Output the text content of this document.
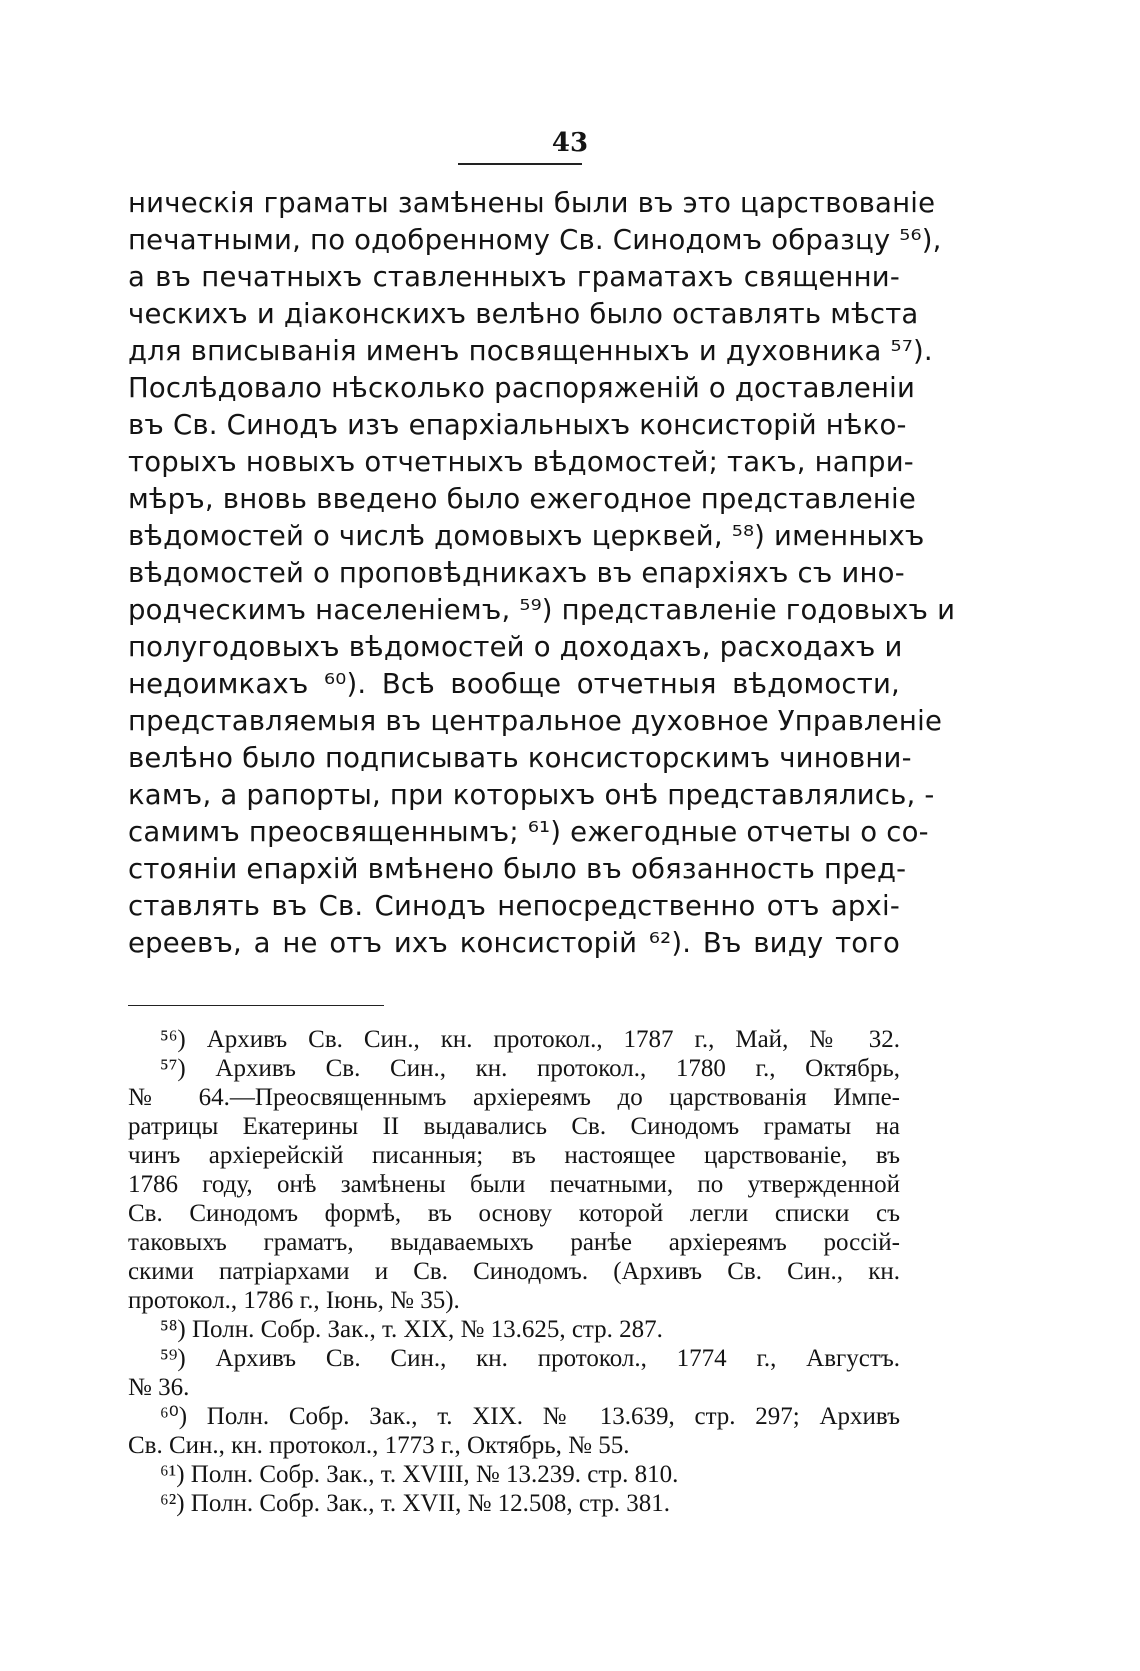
43
ническія граматы замѣнены были въ это царствованіе
печатными, по одобренному Св. Синодомъ образцу ⁵⁶),
а въ печатныхъ ставленныхъ граматахъ священни-
ческихъ и діаконскихъ велѣно было оставлять мѣста
для вписыванія именъ посвященныхъ и духовника ⁵⁷).
Послѣдовало нѣсколько распоряженій о доставленіи
въ Св. Синодъ изъ епархіальныхъ консисторій нѣко-
торыхъ новыхъ отчетныхъ вѣдомостей; такъ, напри-
мѣръ, вновь введено было ежегодное представленіе
вѣдомостей о числѣ домовыхъ церквей, ⁵⁸) именныхъ
вѣдомостей о проповѣдникахъ въ епархіяхъ съ ино-
родческимъ населеніемъ, ⁵⁹) представленіе годовыхъ и
полугодовыхъ вѣдомостей о доходахъ, расходахъ и
недоимкахъ ⁶⁰). Всѣ вообще отчетныя вѣдомости,
представляемыя въ центральное духовное Управленіе
велѣно было подписывать консисторскимъ чиновни-
камъ, а рапорты, при которыхъ онѣ представлялись, -
самимъ преосвященнымъ; ⁶¹) ежегодные отчеты о со-
стояніи епархій вмѣнено было въ обязанность пред-
ставлять въ Св. Синодъ непосредственно отъ архі-
ереевъ, а не отъ ихъ консисторій ⁶²). Въ виду того
⁵⁶) Архивъ Св. Син., кн. протокол., 1787 г., Май, № 32.
⁵⁷) Архивъ Св. Син., кн. протокол., 1780 г., Октябрь,
№ 64.—Преосвященнымъ архіереямъ до царствованія Импе-
ратрицы Екатерины II выдавались Св. Синодомъ граматы на
чинъ архіерейскій писанныя; въ настоящее царствованіе, въ
1786 году, онѣ замѣнены были печатными, по утвержденной
Св. Синодомъ формѣ, въ основу которой легли списки съ
таковыхъ граматъ, выдаваемыхъ ранѣе архіереямъ россій-
скими патріархами и Св. Синодомъ. (Архивъ Св. Син., кн.
протокол., 1786 г., Іюнь, № 35).
⁵⁸) Полн. Собр. Зак., т. XIX, № 13.625, стр. 287.
⁵⁹) Архивъ Св. Син., кн. протокол., 1774 г., Августъ.
№ 36.
⁶⁰) Полн. Собр. Зак., т. XIX. № 13.639, стр. 297; Архивъ
Св. Син., кн. протокол., 1773 г., Октябрь, № 55.
⁶¹) Полн. Собр. Зак., т. XVIII, № 13.239. стр. 810.
⁶²) Полн. Собр. Зак., т. XVII, № 12.508, стр. 381.
